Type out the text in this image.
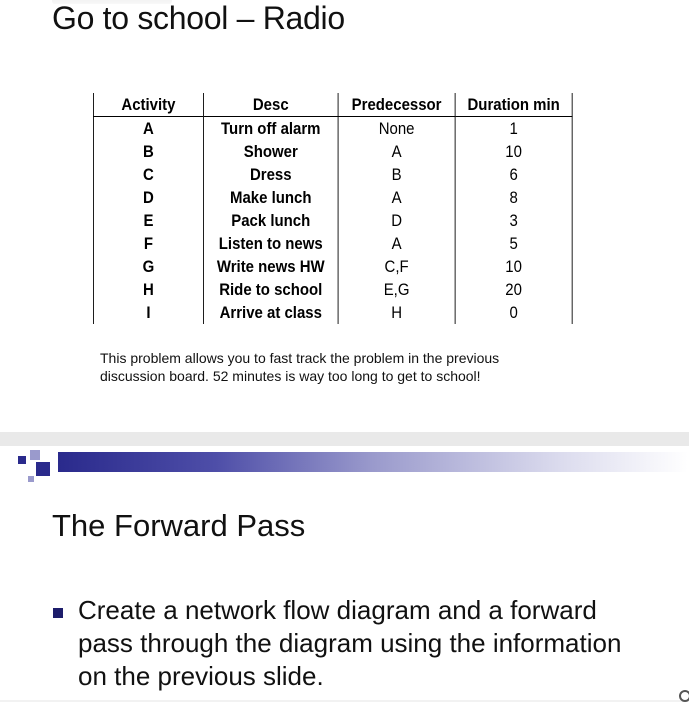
Go to school – Radio
Activity	Desc	Predecessor	Duration min
A	Turn off alarm	None	1
B	Shower	A	10
C	Dress	B	6
D	Make lunch	A	8
E	Pack lunch	D	3
F	Listen to news	A	5
G	Write news HW	C,F	10
H	Ride to school	E,G	20
I	Arrive at class	H	0
This problem allows you to fast track the problem in the previous
discussion board. 52 minutes is way too long to get to school!
The Forward Pass
Create a network flow diagram and a forward pass through the diagram using the information on the previous slide.
